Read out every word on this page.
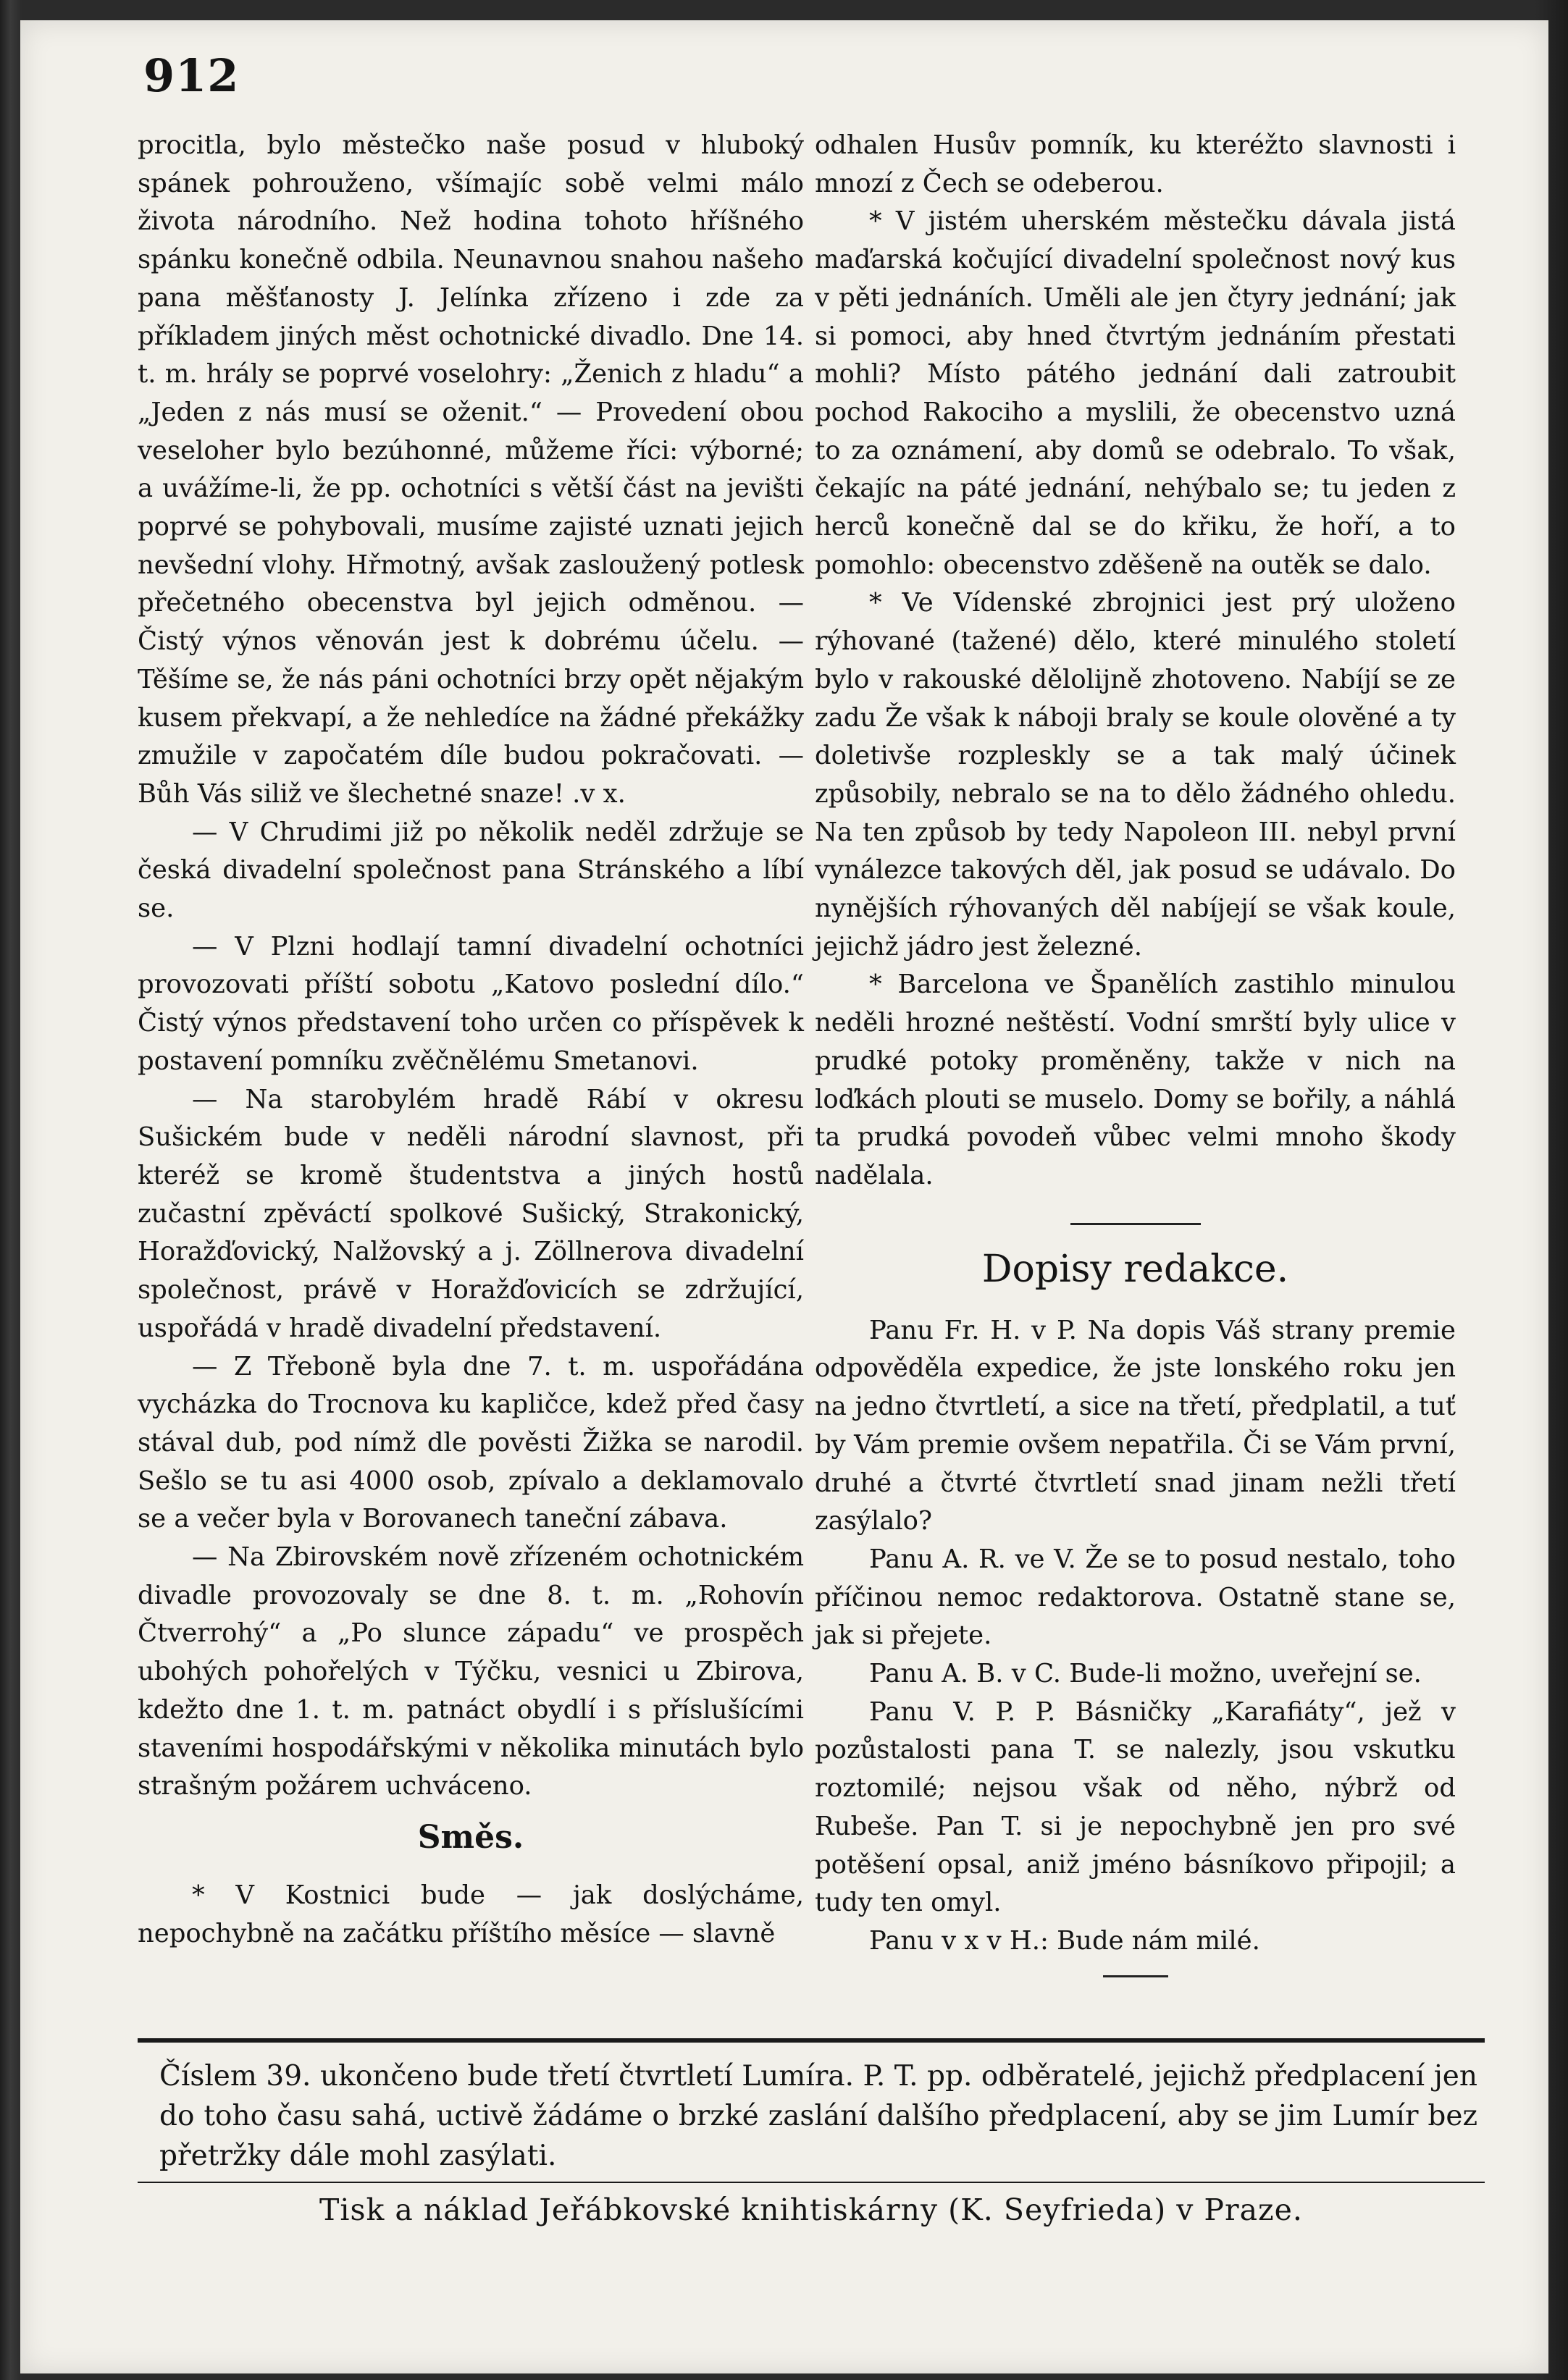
912

procitla, bylo městečko naše posud v hluboký spánek pohrouženo, všímajíc sobě velmi málo života národního. Než hodina tohoto hříšného spánku konečně odbila. Neunavnou snahou našeho pana měšťanosty J. Jelínka zřízeno i zde za příkladem jiných měst ochotnické divadlo. Dne 14. t. m. hrály se poprvé voselohry: „Ženich z hladu“ a „Jeden z nás musí se oženit.“ — Provedení obou veseloher bylo bezúhonné, můžeme říci: výborné; a uvážíme-li, že pp. ochotníci s větší část na jevišti poprvé se pohybovali, musíme zajisté uznati jejich nevšední vlohy. Hřmotný, avšak zasloužený potlesk přečetného obecenstva byl jejich odměnou. — Čistý výnos věnován jest k dobrému účelu. — Těšíme se, že nás páni ochotníci brzy opět nějakým kusem překvapí, a že nehledíce na žádné překážky zmužile v započatém díle budou pokračovati. — Bůh Vás siliž ve šlechetné snaze! .v x.

— V Chrudimi již po několik neděl zdržuje se česká divadelní společnost pana Stránského a líbí se.

— V Plzni hodlají tamní divadelní ochotníci provozovati příští sobotu „Katovo poslední dílo.“ Čistý výnos představení toho určen co příspěvek k postavení pomníku zvěčnělému Smetanovi.

— Na starobylém hradě Rábí v okresu Sušickém bude v neděli národní slavnost, při kteréž se kromě študentstva a jiných hostů zučastní zpěváctí spolkové Sušický, Strakonický, Horažďovický, Nalžovský a j. Zöllnerova divadelní společnost, právě v Horažďovicích se zdržující, uspořádá v hradě divadelní představení.

— Z Třeboně byla dne 7. t. m. uspořádána vycházka do Trocnova ku kapličce, kdež před časy stával dub, pod nímž dle pověsti Žižka se narodil. Sešlo se tu asi 4000 osob, zpívalo a deklamovalo se a večer byla v Borovanech taneční zábava.

— Na Zbirovském nově zřízeném ochotnickém divadle provozovaly se dne 8. t. m. „Rohovín Čtverrohý“ a „Po slunce západu“ ve prospěch ubohých pohořelých v Týčku, vesnici u Zbirova, kdežto dne 1. t. m. patnáct obydlí i s příslušícími staveními hospodářskými v několika minutách bylo strašným požárem uchváceno.

Směs.

* V Kostnici bude — jak doslýcháme, nepochybně na začátku příštího měsíce — slavně

odhalen Husův pomník, ku kteréžto slavnosti i mnozí z Čech se odeberou.

* V jistém uherském městečku dávala jistá maďarská kočující divadelní společnost nový kus v pěti jednáních. Uměli ale jen čtyry jednání; jak si pomoci, aby hned čtvrtým jednáním přestati mohli? Místo pátého jednání dali zatroubit pochod Rakociho a myslili, že obecenstvo uzná to za oznámení, aby domů se odebralo. To však, čekajíc na páté jednání, nehýbalo se; tu jeden z herců konečně dal se do křiku, že hoří, a to pomohlo: obecenstvo zděšeně na outěk se dalo.

* Ve Vídenské zbrojnici jest prý uloženo rýhované (tažené) dělo, které minulého století bylo v rakouské dělolijně zhotoveno. Nabíjí se ze zadu Že však k náboji braly se koule olověné a ty doletivše rozpleskly se a tak malý účinek způsobily, nebralo se na to dělo žádného ohledu. Na ten způsob by tedy Napoleon III. nebyl první vynálezce takových děl, jak posud se udávalo. Do nynějších rýhovaných děl nabíjejí se však koule, jejichž jádro jest železné.

* Barcelona ve Španělích zastihlo minulou neděli hrozné neštěstí. Vodní smrští byly ulice v prudké potoky proměněny, takže v nich na loďkách plouti se muselo. Domy se bořily, a náhlá ta prudká povodeň vůbec velmi mnoho škody nadělala.

Dopisy redakce.

Panu Fr. H. v P. Na dopis Váš strany premie odpověděla expedice, že jste lonského roku jen na jedno čtvrtletí, a sice na třetí, předplatil, a tuť by Vám premie ovšem nepatřila. Či se Vám první, druhé a čtvrté čtvrtletí snad jinam nežli třetí zasýlalo?

Panu A. R. ve V. Že se to posud nestalo, toho příčinou nemoc redaktorova. Ostatně stane se, jak si přejete.

Panu A. B. v C. Bude-li možno, uveřejní se.

Panu V. P. P. Básničky „Karafiáty“, jež v pozůstalosti pana T. se nalezly, jsou vskutku roztomilé; nejsou však od něho, nýbrž od Rubeše. Pan T. si je nepochybně jen pro své potěšení opsal, aniž jméno básníkovo připojil; a tudy ten omyl.

Panu v x v H.: Bude nám milé.

Číslem 39. ukončeno bude třetí čtvrtletí Lumíra. P. T. pp. odběratelé, jejichž předplacení jen do toho času sahá, uctivě žádáme o brzké zaslání dalšího předplacení, aby se jim Lumír bez přetržky dále mohl zasýlati.
Tisk a náklad Jeřábkovské knihtiskárny (K. Seyfrieda) v Praze.
